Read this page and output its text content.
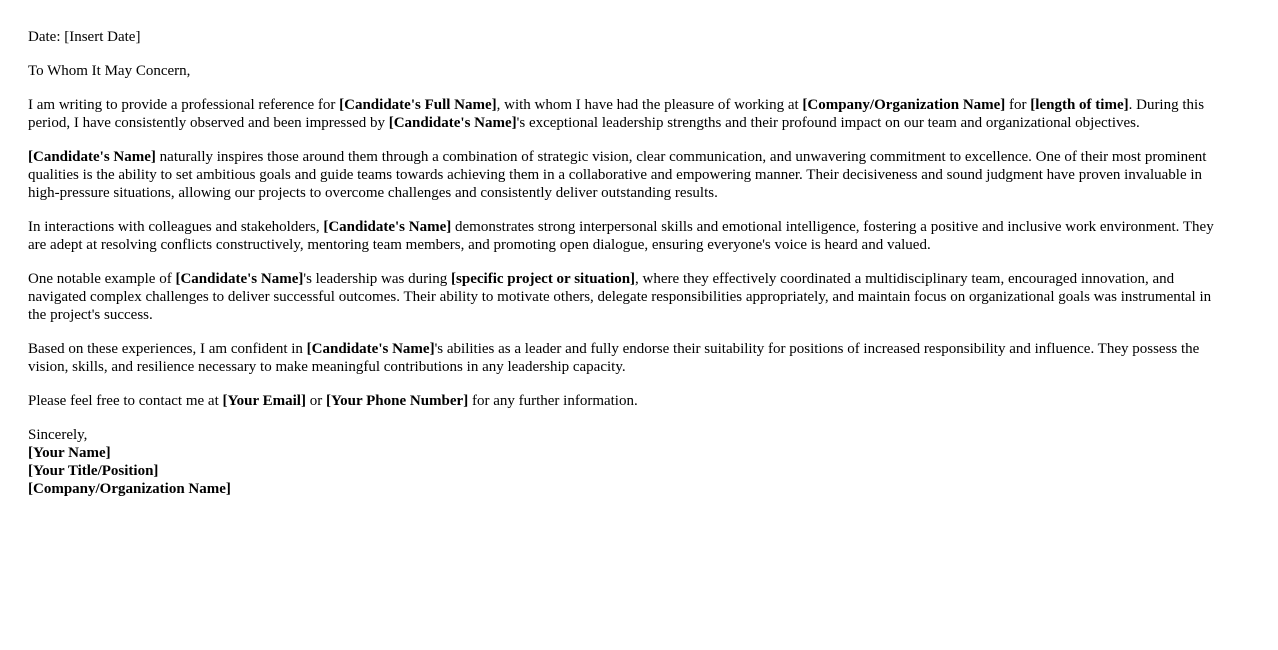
Date: [Insert Date]

To Whom It May Concern,

I am writing to provide a professional reference for [Candidate's Full Name], with whom I have had the pleasure of working at [Company/Organization Name] for [length of time]. During this period, I have consistently observed and been impressed by [Candidate's Name]'s exceptional leadership strengths and their profound impact on our team and organizational objectives.

[Candidate's Name] naturally inspires those around them through a combination of strategic vision, clear communication, and unwavering commitment to excellence. One of their most prominent qualities is the ability to set ambitious goals and guide teams towards achieving them in a collaborative and empowering manner. Their decisiveness and sound judgment have proven invaluable in high-pressure situations, allowing our projects to overcome challenges and consistently deliver outstanding results.

In interactions with colleagues and stakeholders, [Candidate's Name] demonstrates strong interpersonal skills and emotional intelligence, fostering a positive and inclusive work environment. They are adept at resolving conflicts constructively, mentoring team members, and promoting open dialogue, ensuring everyone's voice is heard and valued.

One notable example of [Candidate's Name]'s leadership was during [specific project or situation], where they effectively coordinated a multidisciplinary team, encouraged innovation, and navigated complex challenges to deliver successful outcomes. Their ability to motivate others, delegate responsibilities appropriately, and maintain focus on organizational goals was instrumental in the project's success.

Based on these experiences, I am confident in [Candidate's Name]'s abilities as a leader and fully endorse their suitability for positions of increased responsibility and influence. They possess the vision, skills, and resilience necessary to make meaningful contributions in any leadership capacity.

Please feel free to contact me at [Your Email] or [Your Phone Number] for any further information.

Sincerely,
[Your Name]
[Your Title/Position]
[Company/Organization Name]
